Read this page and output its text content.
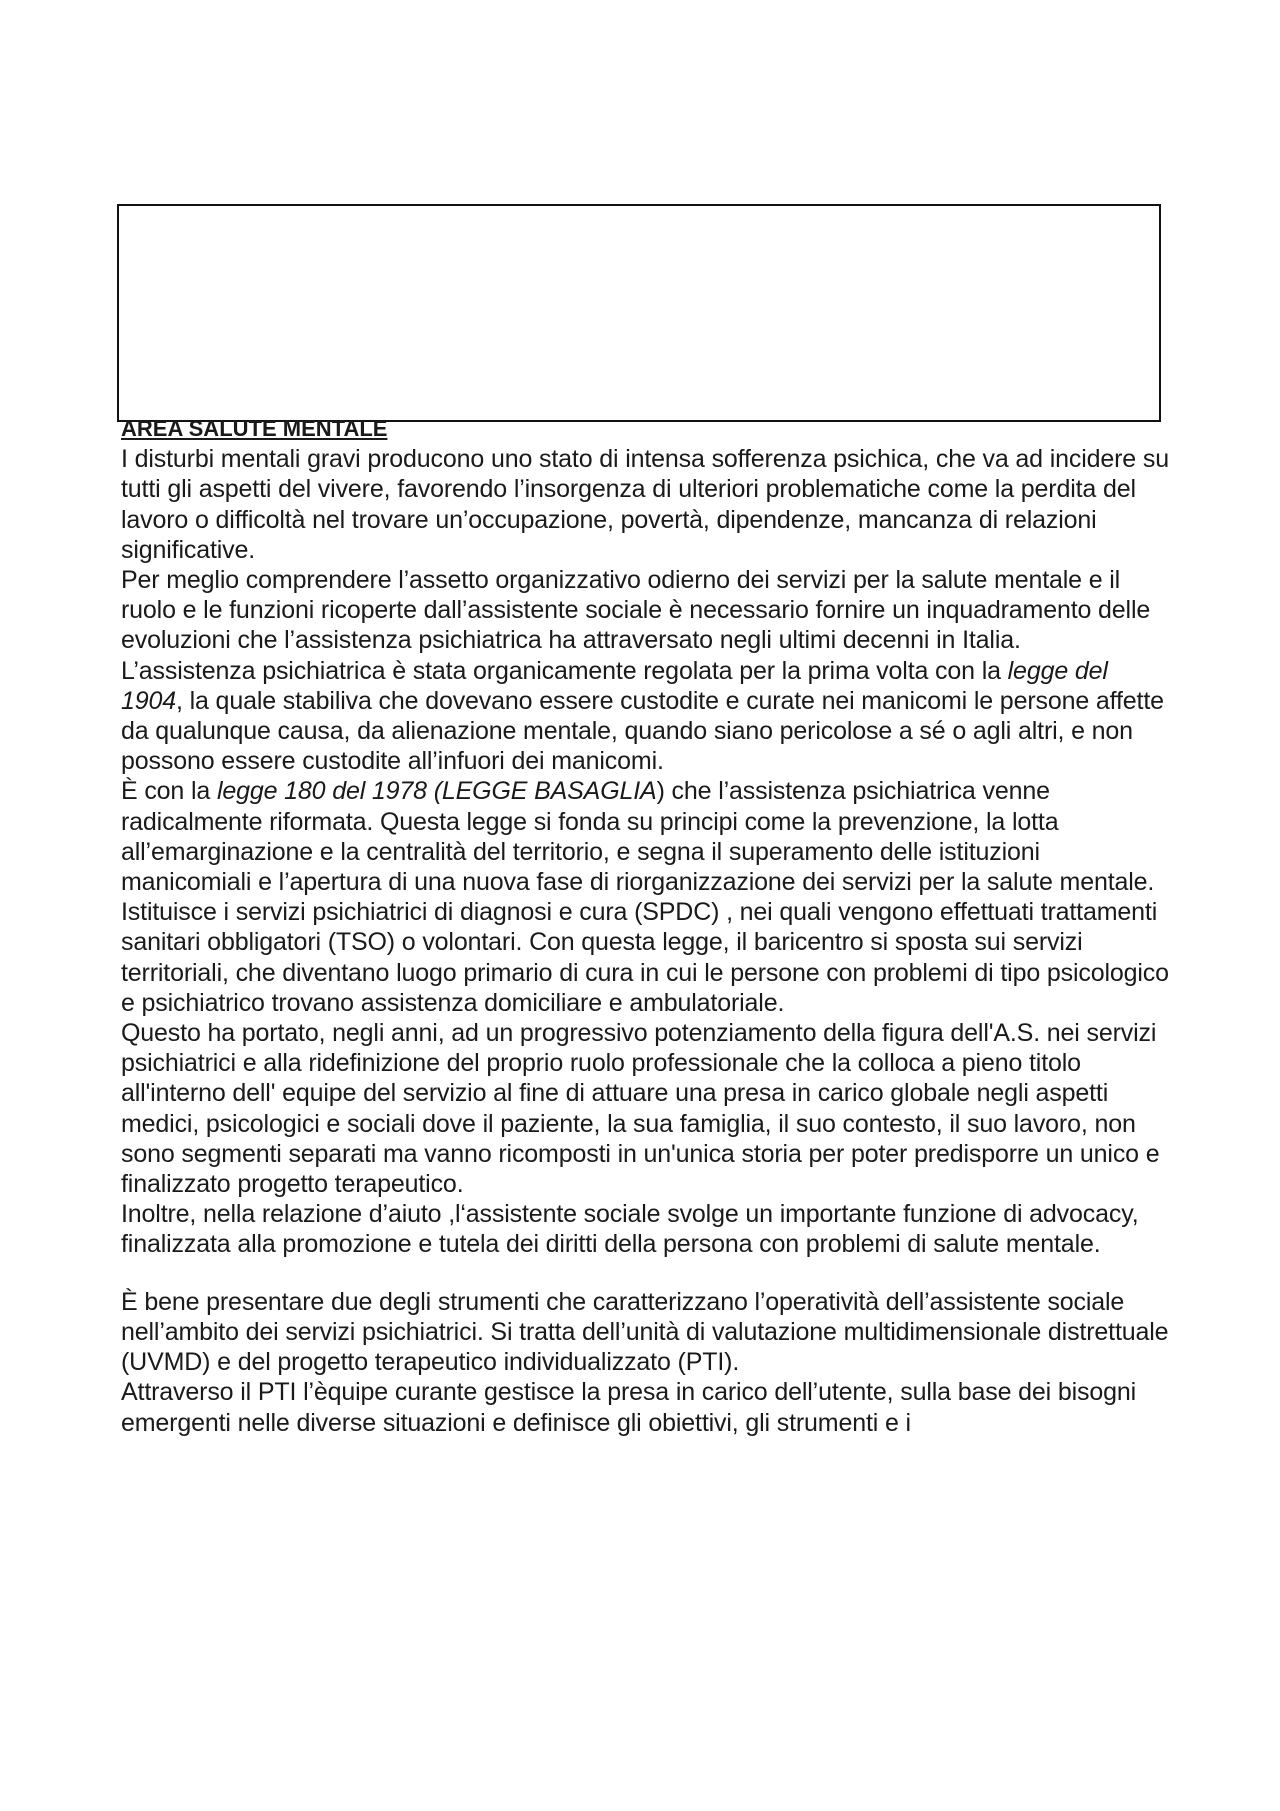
AREA SALUTE MENTALE

I disturbi mentali gravi producono uno stato di intensa sofferenza psichica, che va ad incidere su tutti gli aspetti del vivere, favorendo l’insorgenza di ulteriori problematiche come la perdita del lavoro o difficoltà nel trovare un’occupazione, povertà, dipendenze, mancanza di relazioni significative.

Per meglio comprendere l’assetto organizzativo odierno dei servizi per la salute mentale e il ruolo e le funzioni ricoperte dall’assistente sociale è necessario fornire un inquadramento delle evoluzioni che l’assistenza psichiatrica ha attraversato negli ultimi decenni in Italia.

L’assistenza psichiatrica è stata organicamente regolata per la prima volta con la legge del 1904, la quale stabiliva che dovevano essere custodite e curate nei manicomi le persone affette da qualunque causa, da alienazione mentale, quando siano pericolose a sé o agli altri, e non possono essere custodite all’infuori dei manicomi.

È con la legge 180 del 1978 (LEGGE BASAGLIA) che l’assistenza psichiatrica venne radicalmente riformata. Questa legge si fonda su principi come la prevenzione, la lotta all’emarginazione e la centralità del territorio, e segna il superamento delle istituzioni manicomiali e l’apertura di una nuova fase di riorganizzazione dei servizi per la salute mentale.

Istituisce i servizi psichiatrici di diagnosi e cura (SPDC) , nei quali vengono effettuati trattamenti sanitari obbligatori (TSO) o volontari. Con questa legge, il baricentro si sposta sui servizi territoriali, che diventano luogo primario di cura in cui le persone con problemi di tipo psicologico e psichiatrico trovano assistenza domiciliare e ambulatoriale.

Questo ha portato, negli anni, ad un progressivo potenziamento della figura dell'A.S. nei servizi psichiatrici e alla ridefinizione del proprio ruolo professionale che la colloca a pieno titolo all'interno dell' equipe del servizio al fine di attuare una presa in carico globale negli aspetti medici, psicologici e sociali dove il paziente, la sua famiglia, il suo contesto, il suo lavoro, non sono segmenti separati ma vanno ricomposti in un'unica storia per poter predisporre un unico e finalizzato progetto terapeutico.

Inoltre, nella relazione d’aiuto ,l‘assistente sociale svolge un importante funzione di advocacy, finalizzata alla promozione e tutela dei diritti della persona con problemi di salute mentale.

È bene presentare due degli strumenti che caratterizzano l’operatività dell’assistente sociale nell’ambito dei servizi psichiatrici. Si tratta dell’unità di valutazione multidimensionale distrettuale (UVMD) e del progetto terapeutico individualizzato (PTI).

Attraverso il PTI l’èquipe curante gestisce la presa in carico dell’utente, sulla base dei bisogni emergenti nelle diverse situazioni e definisce gli obiettivi, gli strumenti e i
